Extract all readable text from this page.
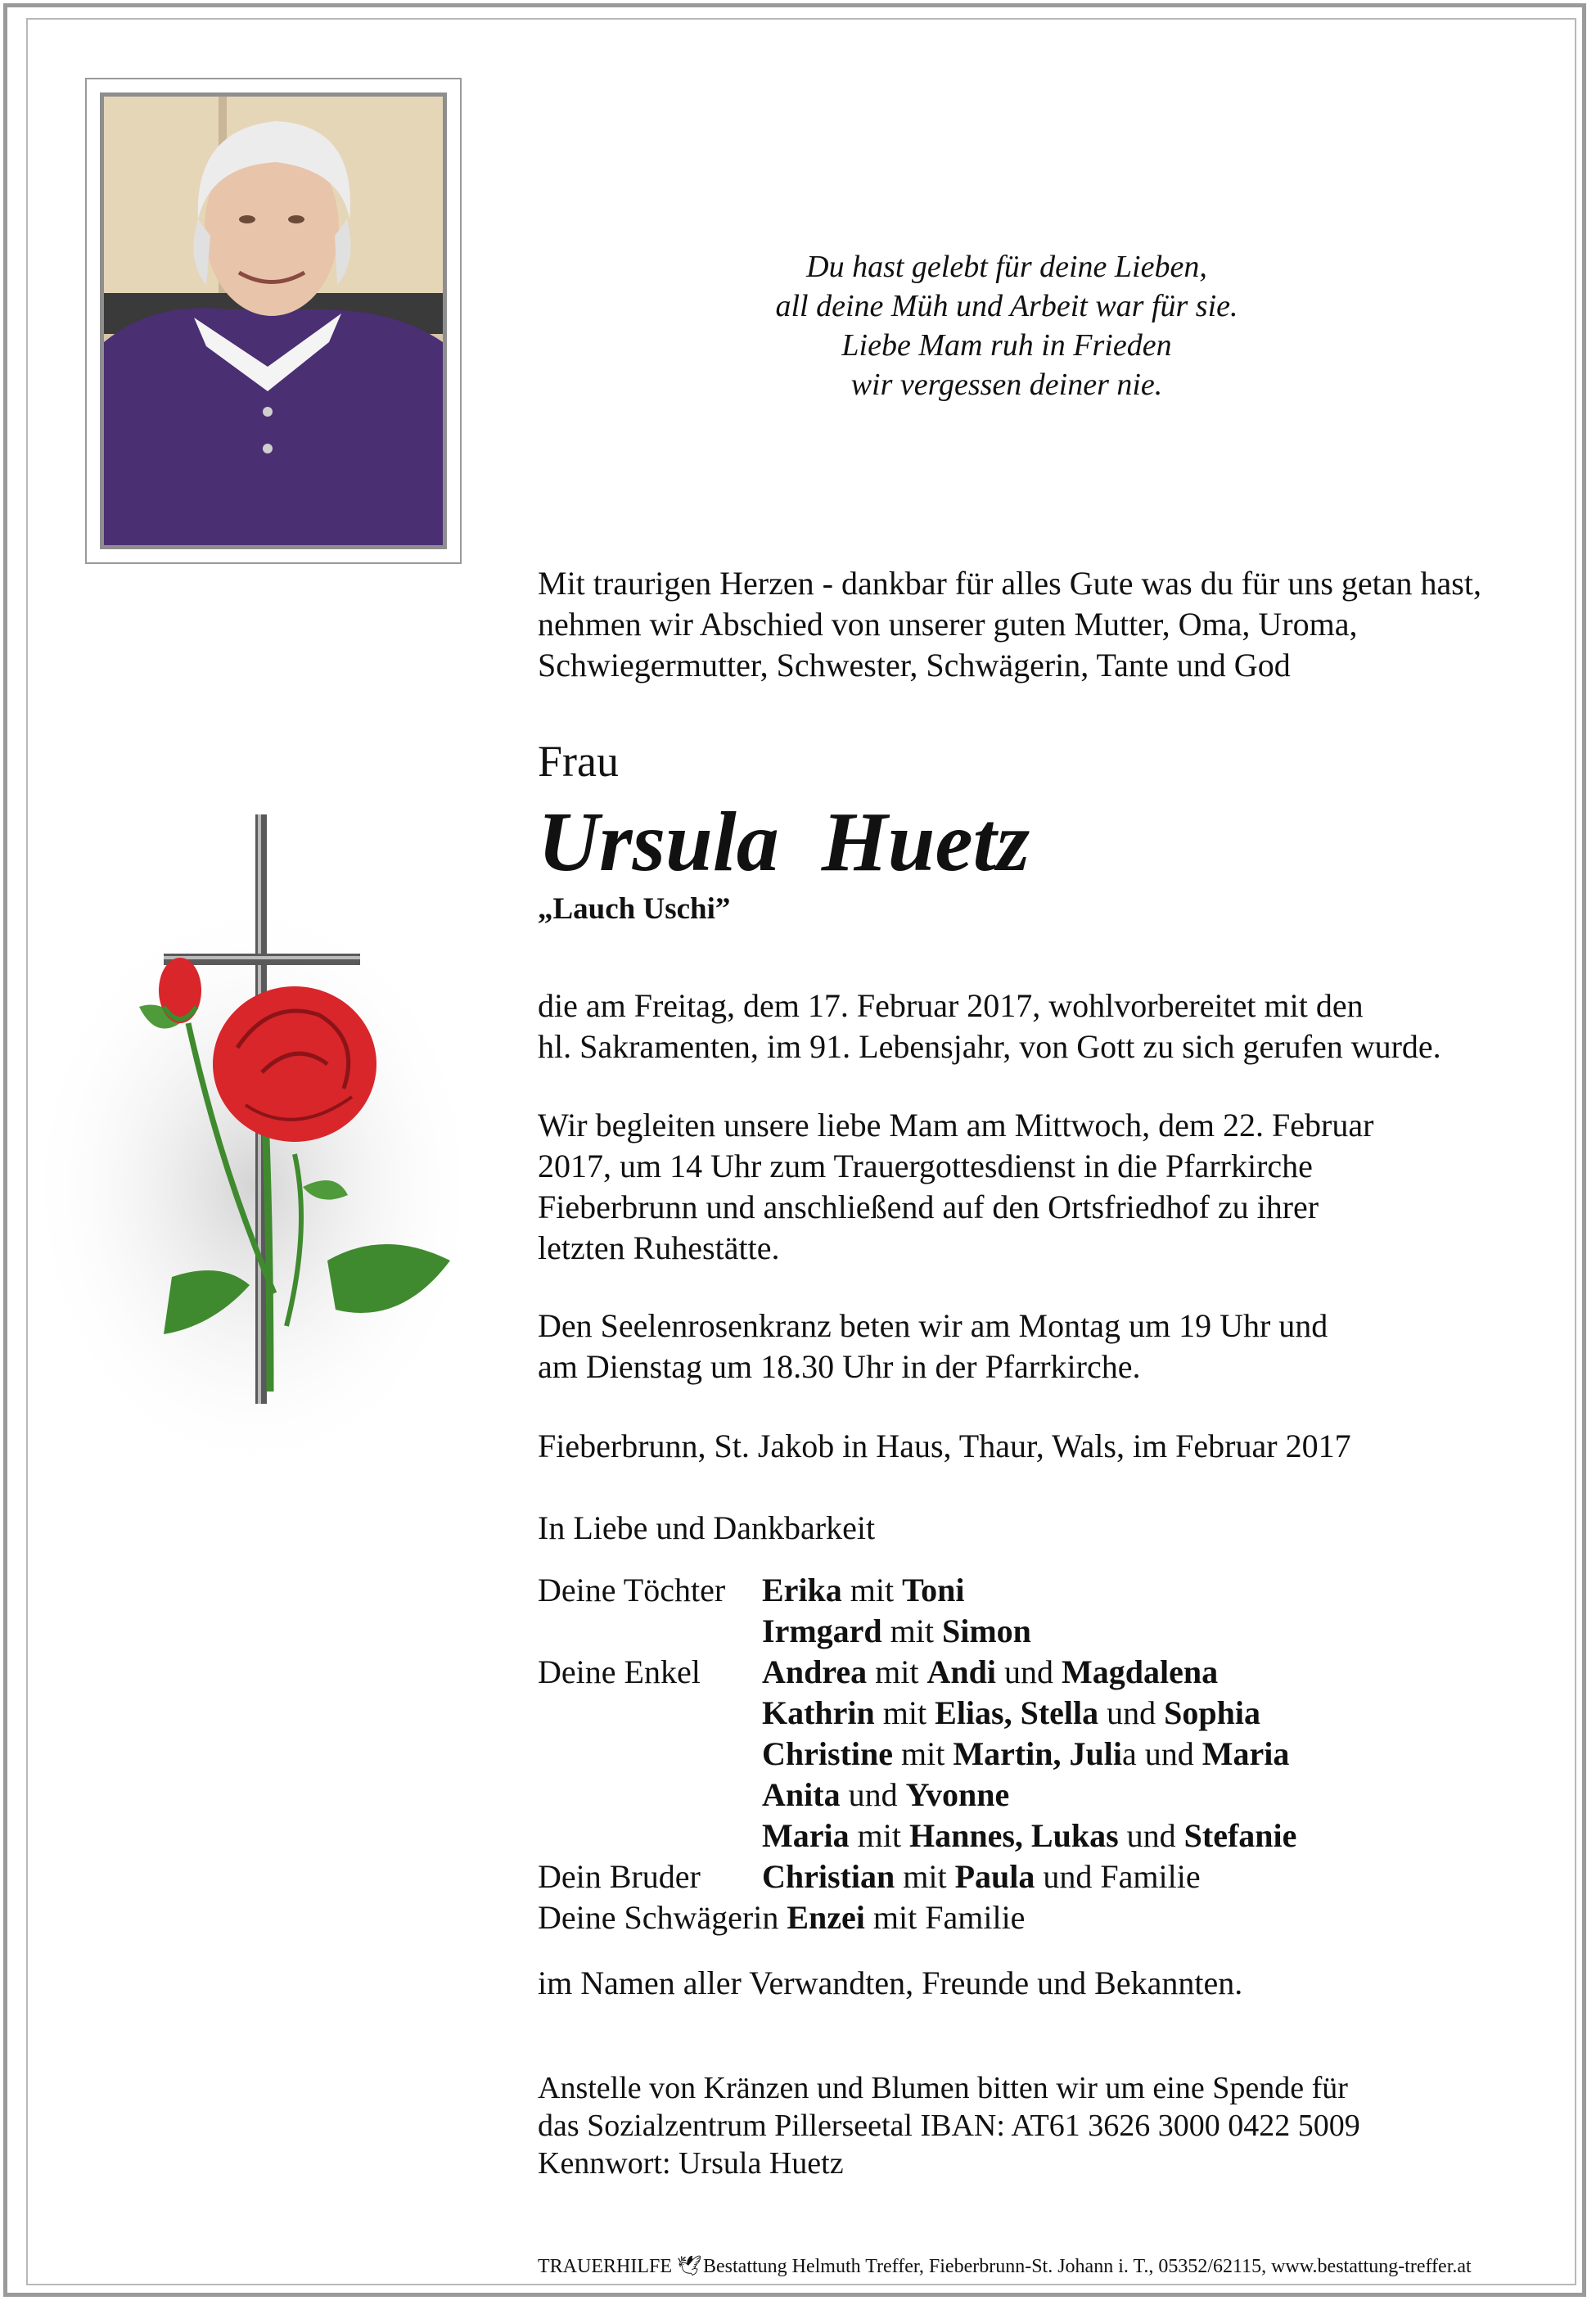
Du hast gelebt für deine Lieben,
all deine Müh und Arbeit war für sie.
Liebe Mam ruh in Frieden
wir vergessen deiner nie.
Mit traurigen Herzen - dankbar für alles Gute was du für uns getan hast,
nehmen wir Abschied von unserer guten Mutter, Oma, Uroma,
Schwiegermutter, Schwester, Schwägerin, Tante und God
Frau
Ursula  Huetz
„Lauch Uschi”
die am Freitag, dem 17. Februar 2017, wohlvorbereitet mit den
hl. Sakramenten, im 91. Lebensjahr, von Gott zu sich gerufen wurde.
Wir begleiten unsere liebe Mam am Mittwoch, dem 22. Februar
2017, um 14 Uhr zum Trauergottesdienst in die Pfarrkirche
Fieberbrunn und anschließend auf den Ortsfriedhof zu ihrer
letzten Ruhestätte.
Den Seelenrosenkranz beten wir am Montag um 19 Uhr und
am Dienstag um 18.30 Uhr in der Pfarrkirche.
Fieberbrunn, St. Jakob in Haus, Thaur, Wals, im Februar 2017
In Liebe und Dankbarkeit
Deine Töchter Erika mit Toni
Irmgard mit Simon
Deine Enkel Andrea mit Andi und Magdalena
Kathrin mit Elias, Stella und Sophia
Christine mit Martin, Julia und Maria
Anita und Yvonne
Maria mit Hannes, Lukas und Stefanie
Dein Bruder Christian mit Paula und Familie
Deine Schwägerin Enzei mit Familie
im Namen aller Verwandten, Freunde und Bekannten.
Anstelle von Kränzen und Blumen bitten wir um eine Spende für
das Sozialzentrum Pillerseetal IBAN: AT61 3626 3000 0422 5009
Kennwort: Ursula Huetz
TRAUERHILFE 🕊 Bestattung Helmuth Treffer, Fieberbrunn-St. Johann i. T., 05352/62115, www.bestattung-treffer.at
